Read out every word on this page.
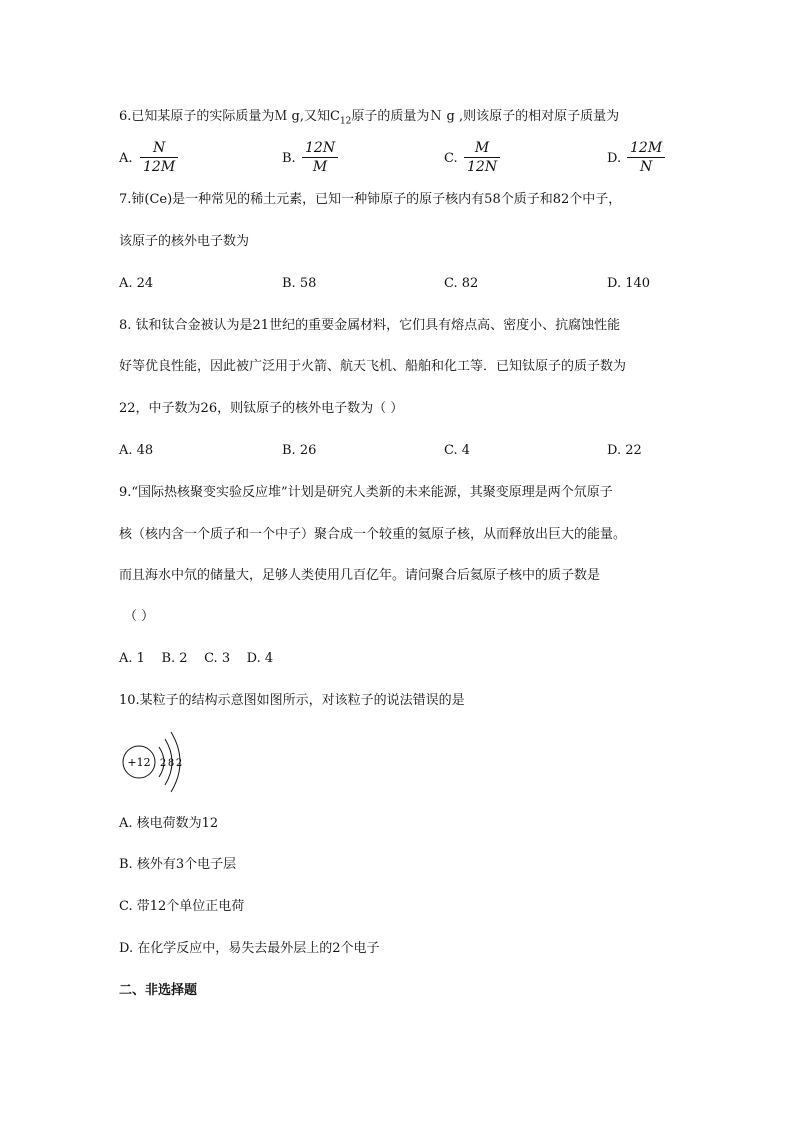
6.已知某原子的实际质量为Ｍ g,又知$C_{12}$原子的质量为Ｎ g ,则该原子的相对原子质量为
A.
N
12M
B.
12N
M
C.
M
12N
D.
12M
N
7.铈(Ce)是一种常见的稀土元素，已知一种铈原子的原子核内有58个质子和82个中子，
该原子的核外电子数为
A. 24	B. 58	C. 82	D. 140
8. 钛和钛合金被认为是21世纪的重要金属材料，它们具有熔点高、密度小、抗腐蚀性能
好等优良性能，因此被广泛用于火箭、航天飞机、船舶和化工等．已知钛原子的质子数为
22，中子数为26，则钛原子的核外电子数为（ ）
A. 48	B. 26	C. 4	D. 22
9.“国际热核聚变实验反应堆”计划是研究人类新的未来能源，其聚变原理是两个氘原子
核（核内含一个质子和一个中子）聚合成一个较重的氦原子核，从而释放出巨大的能量。
而且海水中氘的储量大，足够人类使用几百亿年。请问聚合后氦原子核中的质子数是
（ ）
A. 1    B. 2    C. 3    D. 4
10.某粒子的结构示意图如图所示，对该粒子的说法错误的是
+12 2 8 2
A. 核电荷数为12
B. 核外有3个电子层
C. 带12个单位正电荷
D. 在化学反应中，易失去最外层上的2个电子
二、非选择题
